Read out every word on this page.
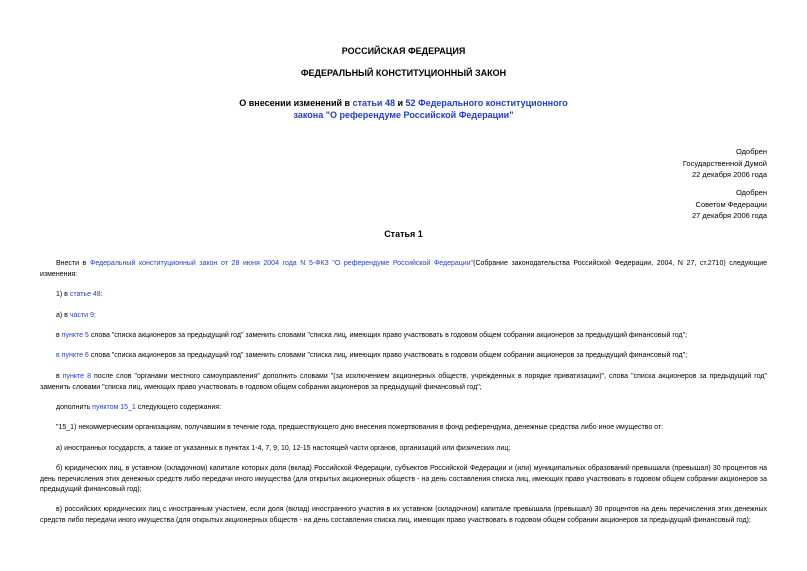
РОССИЙСКАЯ ФЕДЕРАЦИЯ
ФЕДЕРАЛЬНЫЙ КОНСТИТУЦИОННЫЙ ЗАКОН
О внесении изменений в статьи 48 и 52 Федерального конституционного
закона "О референдуме Российской Федерации"
Одобрен
Государственной Думой
22 декабря 2006 года
Одобрен
Советом Федерации
27 декабря 2006 года
Статья 1
Внести в Федеральный конституционный закон от 28 июня 2004 года N 5-ФКЗ "О референдуме Российской Федерации"(Собрание законодательства Российской Федерации, 2004, N 27, ст.2710) следующие изменения:
1) в статье 48:
а) в части 9:
в пункте 5 слова "списка акционеров за предыдущий год" заменить словами "списка лиц, имеющих право участвовать в годовом общем собрании акционеров за предыдущий финансовый год";
в пункте 6 слова "списка акционеров за предыдущий год" заменить словами "списка лиц, имеющих право участвовать в годовом общем собрании акционеров за предыдущий финансовый год";
в пункте 8 после слов "органами местного самоуправления" дополнить словами "(за исключением акционерных обществ, учрежденных в порядке приватизации)", слова "списка акционеров за предыдущий год" заменить словами "списка лиц, имеющих право участвовать в годовом общем собрании акционеров за предыдущий финансовый год";
дополнить пунктом 15_1 следующего содержания:
"15_1) некоммерческим организациям, получавшим в течение года, предшествующего дню внесения пожертвования в фонд референдума, денежные средства либо иное имущество от:
а) иностранных государств, а также от указанных в пунктах 1-4, 7, 9, 10, 12-15 настоящей части органов, организаций или физических лиц;
б) юридических лиц, в уставном (складочном) капитале которых доля (вклад) Российской Федерации, субъектов Российской Федерации и (или) муниципальных образований превышала (превышал) 30 процентов на день перечисления этих денежных средств либо передачи иного имущества (для открытых акционерных обществ - на день составления списка лиц, имеющих право участвовать в годовом общем собрании акционеров за предыдущий финансовый год);
в) российских юридических лиц с иностранным участием, если доля (вклад) иностранного участия в их уставном (складочном) капитале превышала (превышал) 30 процентов на день перечисления этих денежных средств либо передачи иного имущества (для открытых акционерных обществ - на день составления списка лиц, имеющих право участвовать в годовом общем собрании акционеров за предыдущий финансовый год);
